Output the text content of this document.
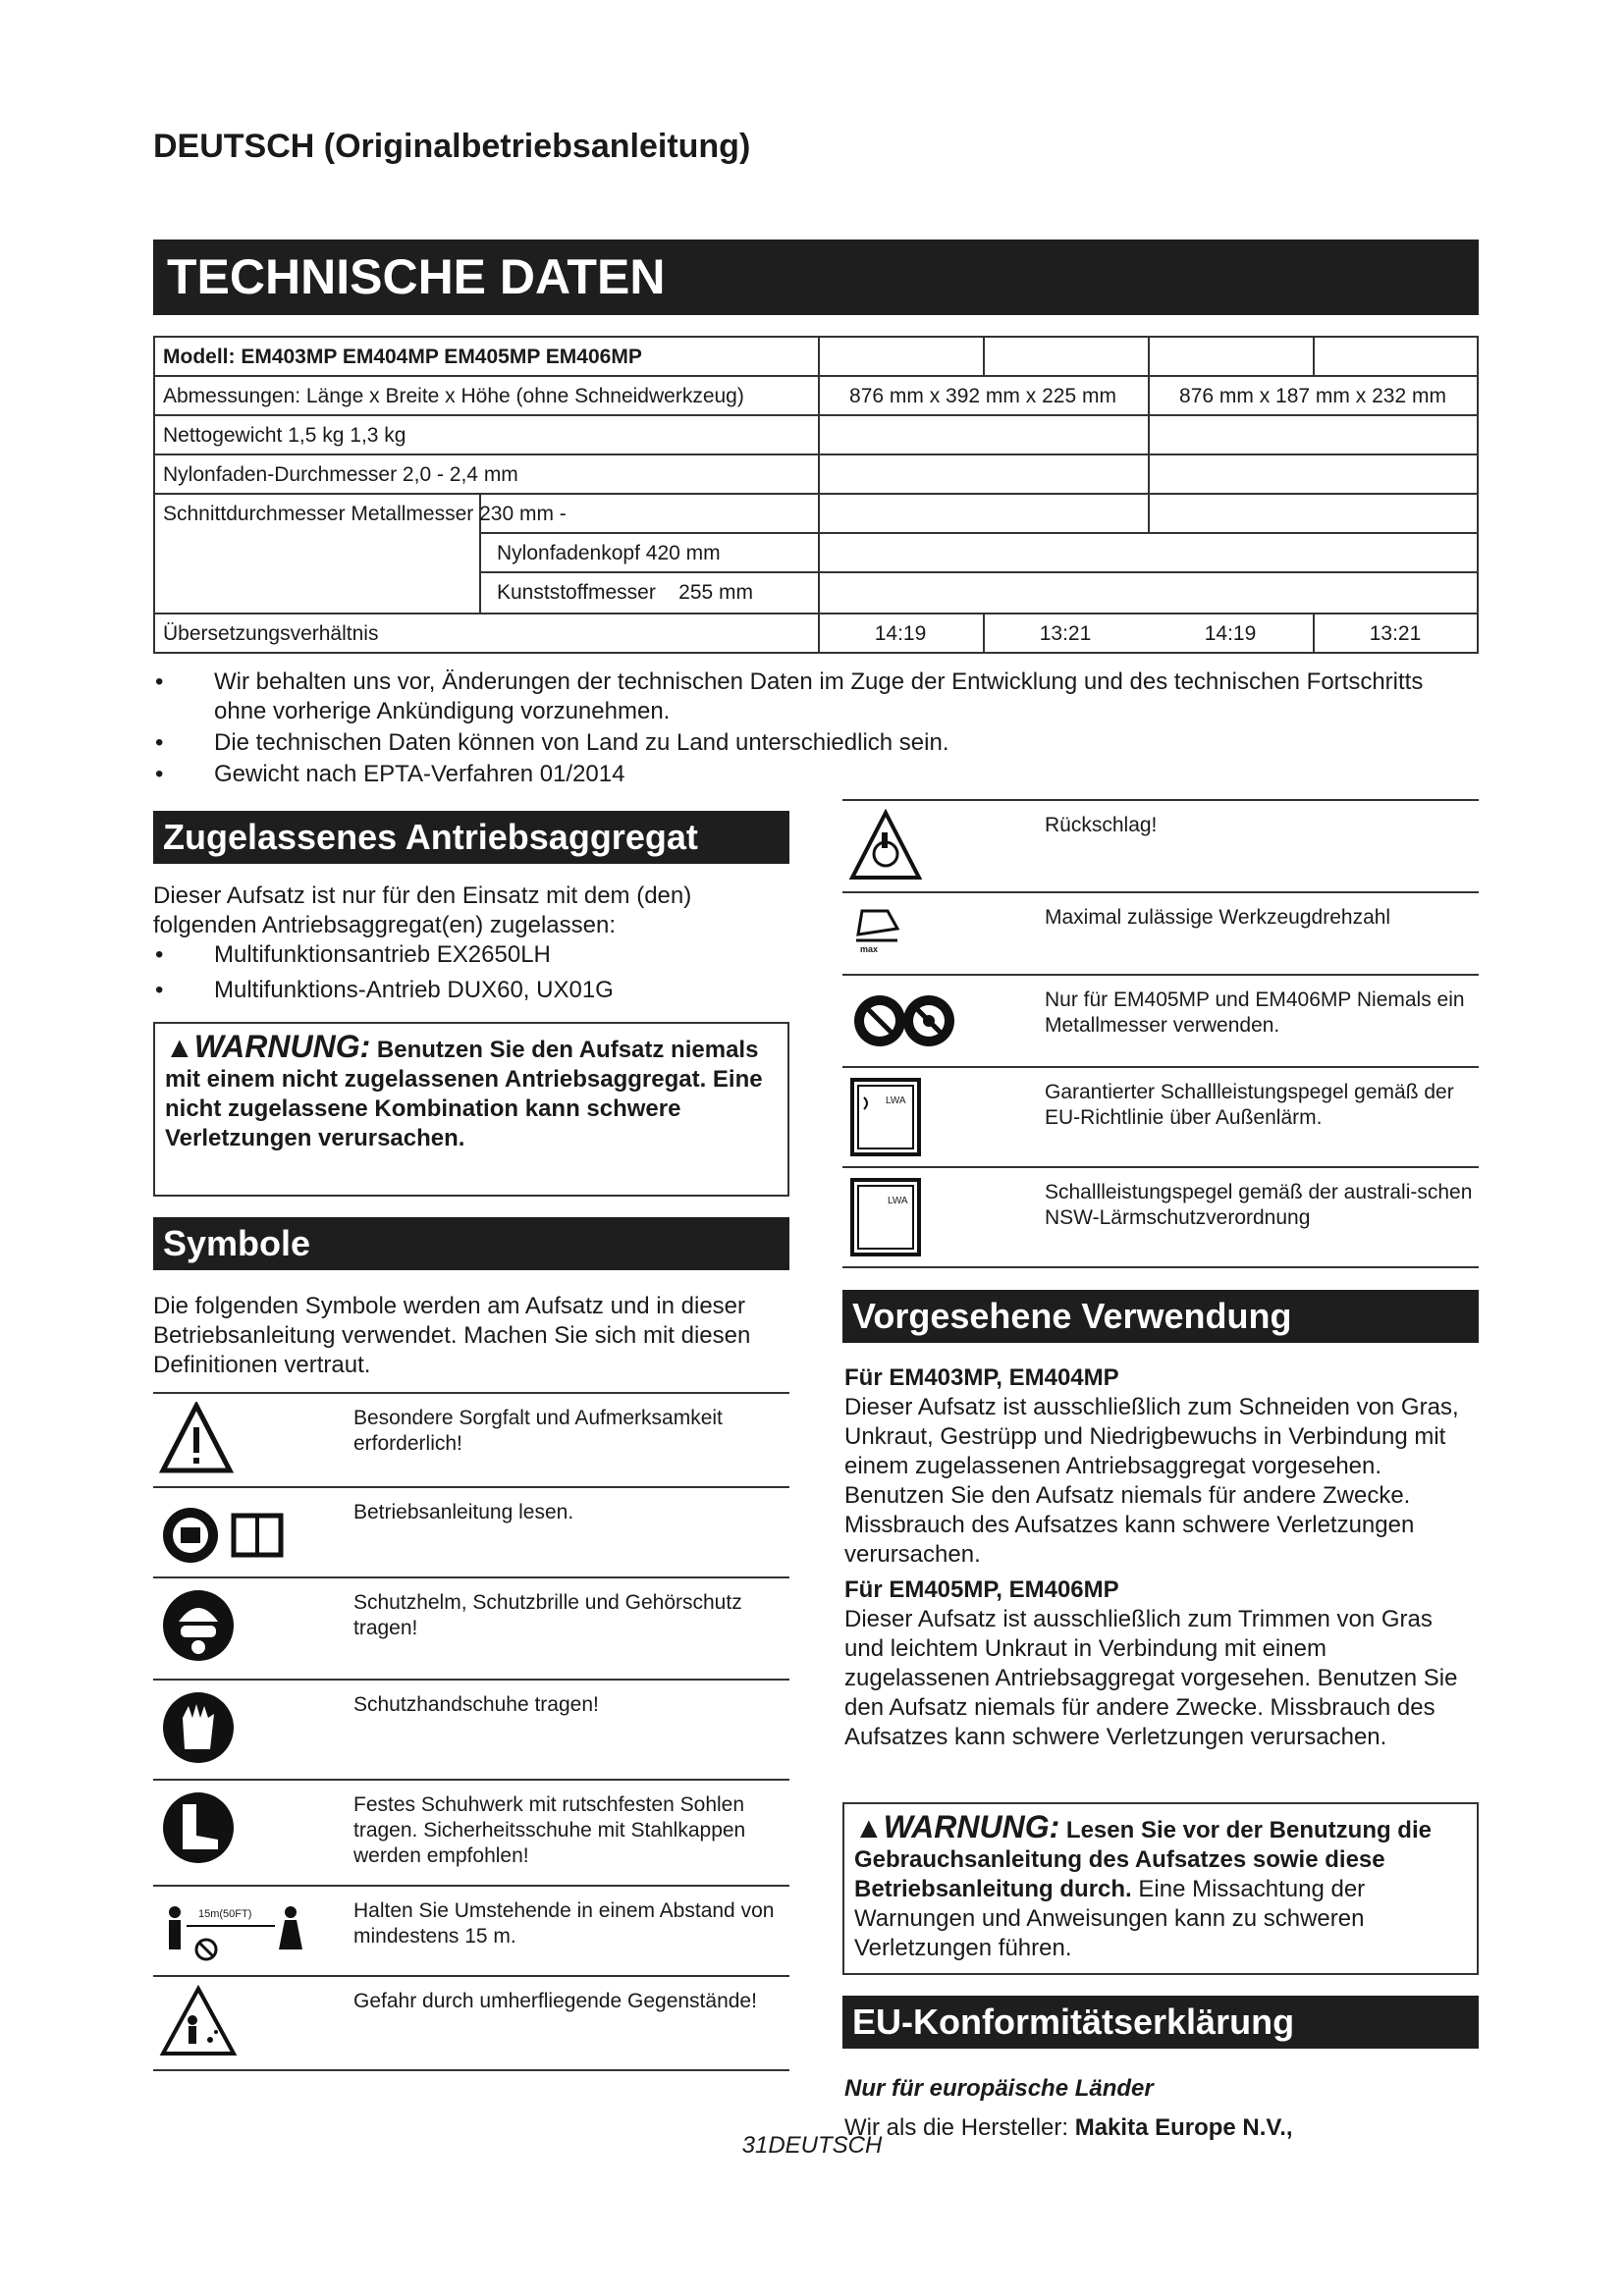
DEUTSCH (Originalbetriebsanleitung)
TECHNISCHE DATEN
Modell: EM403MP EM404MP EM405MP EM406MP
Abmessungen: Länge x Breite x Höhe (ohne Schneidwerkzeug)	876 mm x 392 mm x 225 mm	876 mm x 187 mm x 232 mm
Nettogewicht 1,5 kg 1,3 kg
Nylonfaden-Durchmesser 2,0 - 2,4 mm
Schnittdurchmesser Metallmesser 230 mm -
Nylonfadenkopf 420 mm
Kunststoffmesser    255 mm
Übersetzungsverhältnis	14:19	13:21	14:19	13:21
• Wir behalten uns vor, Änderungen der technischen Daten im Zuge der Entwicklung und des technischen Fortschritts ohne vorherige Ankündigung vorzunehmen.
• Die technischen Daten können von Land zu Land unterschiedlich sein.
• Gewicht nach EPTA-Verfahren 01/2014
Zugelassenes Antriebsaggregat
Dieser Aufsatz ist nur für den Einsatz mit dem (den) folgenden Antriebsaggregat(en) zugelassen:
• Multifunktionsantrieb EX2650LH
• Multifunktions-Antrieb DUX60, UX01G
▲WARNUNG: Benutzen Sie den Aufsatz niemals mit einem nicht zugelassenen Antriebsaggregat. Eine nicht zugelassene Kombination kann schwere Verletzungen verursachen.
Symbole
Die folgenden Symbole werden am Aufsatz und in dieser Betriebsanleitung verwendet. Machen Sie sich mit diesen Definitionen vertraut.
Besondere Sorgfalt und Aufmerksamkeit erforderlich!
Betriebsanleitung lesen.
Schutzhelm, Schutzbrille und Gehörschutz tragen!
Schutzhandschuhe tragen!
Festes Schuhwerk mit rutschfesten Sohlen tragen. Sicherheitsschuhe mit Stahlkappen werden empfohlen!
15m(50FT)	Halten Sie Umstehende in einem Abstand von mindestens 15 m.
Gefahr durch umherfliegende Gegenstände!
Rückschlag!
max
Maximal zulässige Werkzeugdrehzahl
Nur für EM405MP und EM406MP Niemals ein Metallmesser verwenden.
LWA	Garantierter Schallleistungspegel gemäß der EU-Richtlinie über Außenlärm.
LWA	Schallleistungspegel gemäß der australi-schen NSW-Lärmschutzverordnung
Vorgesehene Verwendung
Für EM403MP, EM404MP
Dieser Aufsatz ist ausschließlich zum Schneiden von Gras, Unkraut, Gestrüpp und Niedrigbewuchs in Verbindung mit einem zugelassenen Antriebsaggregat vorgesehen. Benutzen Sie den Aufsatz niemals für andere Zwecke. Missbrauch des Aufsatzes kann schwere Verletzungen verursachen.
Für EM405MP, EM406MP
Dieser Aufsatz ist ausschließlich zum Trimmen von Gras und leichtem Unkraut in Verbindung mit einem zugelassenen Antriebsaggregat vorgesehen. Benutzen Sie den Aufsatz niemals für andere Zwecke. Missbrauch des Aufsatzes kann schwere Verletzungen verursachen.
▲WARNUNG: Lesen Sie vor der Benutzung die Gebrauchsanleitung des Aufsatzes sowie diese Betriebsanleitung durch. Eine Missachtung der Warnungen und Anweisungen kann zu schweren Verletzungen führen.
EU-Konformitätserklärung
Nur für europäische Länder
Wir als die Hersteller: Makita Europe N.V.,
31DEUTSCH
